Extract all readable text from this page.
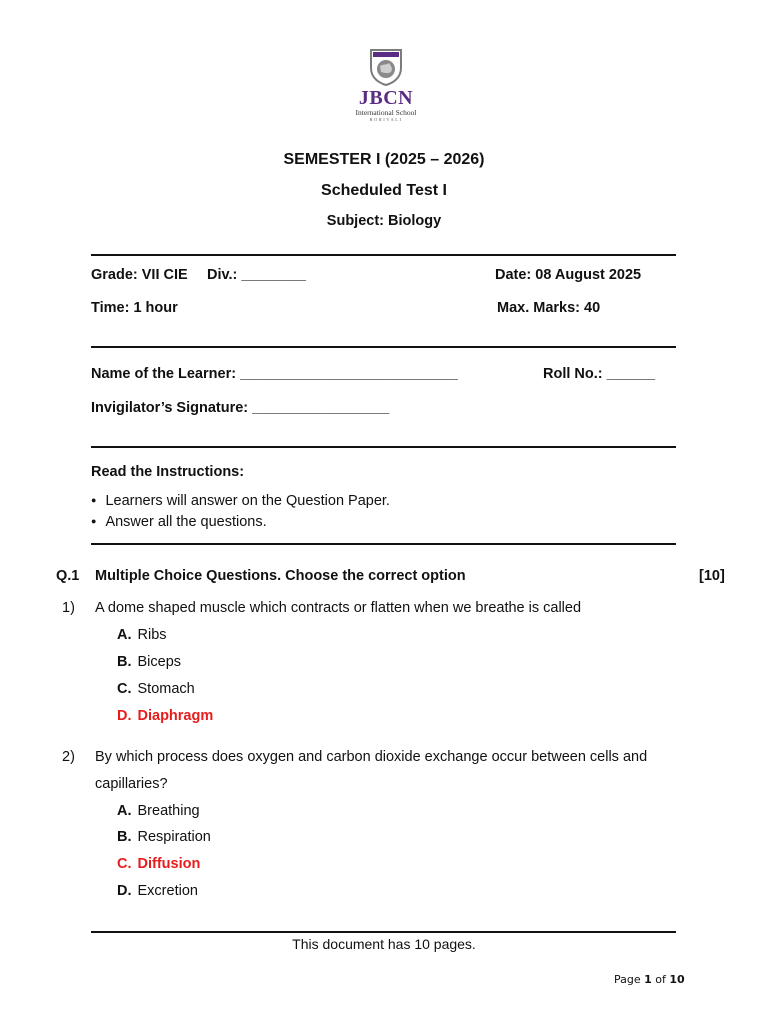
JBCN
International School
BORIVALI
SEMESTER I (2025 – 2026)
Scheduled Test I
Subject: Biology
Grade: VII CIE Div.: ________	Date: 08 August 2025
Time: 1 hour	Max. Marks: 40
Name of the Learner: ___________________________	Roll No.: ______
Invigilator’s Signature: _________________
Read the Instructions:
● Learners will answer on the Question Paper.
● Answer all the questions.
Q.1 Multiple Choice Questions. Choose the correct option	[10]
1) A dome shaped muscle which contracts or flatten when we breathe is called
A. Ribs
B. Biceps
C. Stomach
D. Diaphragm
2) By which process does oxygen and carbon dioxide exchange occur between cells and
capillaries?
A. Breathing
B. Respiration
C. Diffusion
D. Excretion
This document has 10 pages.
Page 1 of 10
